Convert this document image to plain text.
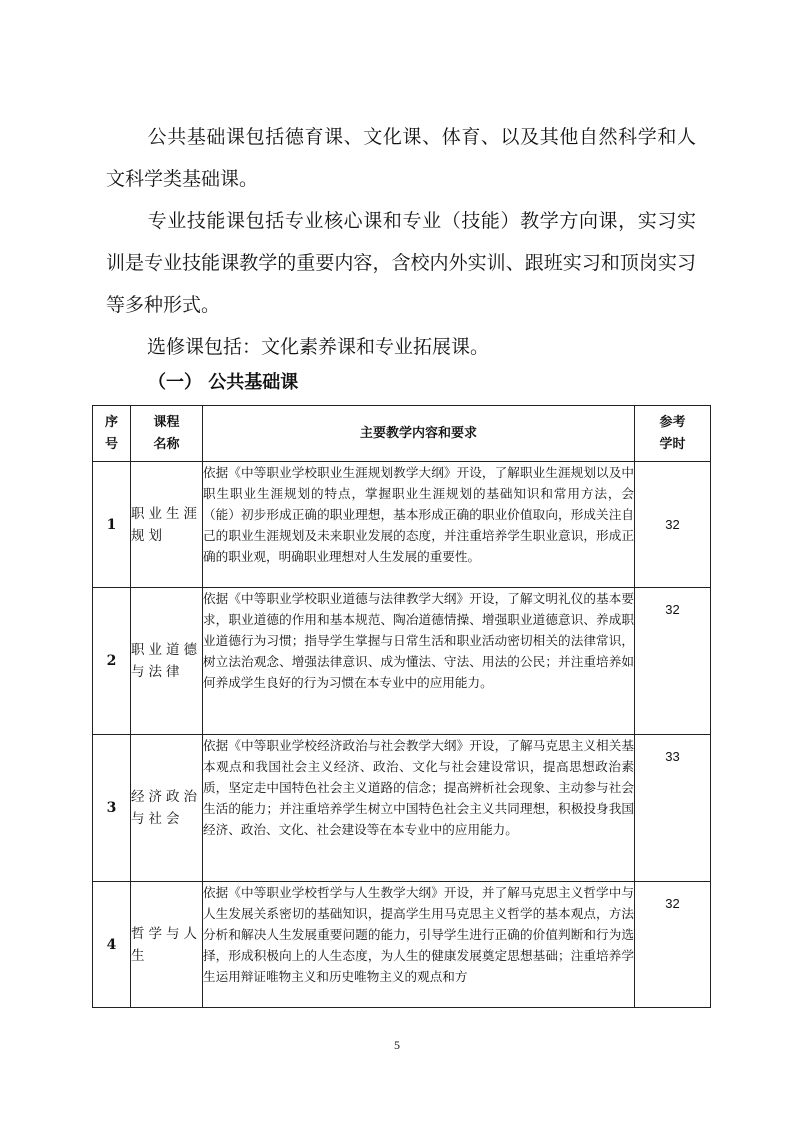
公共基础课包括德育课、文化课、体育、以及其他自然科学和人文科学类基础课。

专业技能课包括专业核心课和专业（技能）教学方向课，实习实训是专业技能课教学的重要内容，含校内外实训、跟班实习和顶岗实习等多种形式。

选修课包括：文化素养课和专业拓展课。

（一） 公共基础课
序号	课程名称	主要教学内容和要求	参考学时

1	职业生涯规划	依据《中等职业学校职业生涯规划教学大纲》开设，了解职业生涯规划以及中职生职业生涯规划的特点，掌握职业生涯规划的基础知识和常用方法，会（能）初步形成正确的职业理想，基本形成正确的职业价值取向，形成关注自己的职业生涯规划及未来职业发展的态度，并注重培养学生职业意识，形成正确的职业观，明确职业理想对人生发展的重要性。	32

2	职业道德与法律	依据《中等职业学校职业道德与法律教学大纲》开设，了解文明礼仪的基本要求，职业道德的作用和基本规范、陶冶道德情操、增强职业道德意识、养成职业道德行为习惯；指导学生掌握与日常生活和职业活动密切相关的法律常识，树立法治观念、增强法律意识、成为懂法、守法、用法的公民；并注重培养如何养成学生良好的行为习惯在本专业中的应用能力。	32

3	经济政治与社会	依据《中等职业学校经济政治与社会教学大纲》开设，了解马克思主义相关基本观点和我国社会主义经济、政治、文化与社会建设常识，提高思想政治素质，坚定走中国特色社会主义道路的信念；提高辨析社会现象、主动参与社会生活的能力；并注重培养学生树立中国特色社会主义共同理想，积极投身我国经济、政治、文化、社会建设等在本专业中的应用能力。	33

4	哲学与人生	依据《中等职业学校哲学与人生教学大纲》开设，并了解马克思主义哲学中与人生发展关系密切的基础知识，提高学生用马克思主义哲学的基本观点，方法分析和解决人生发展重要问题的能力，引导学生进行正确的价值判断和行为选择，形成积极向上的人生态度，为人生的健康发展奠定思想基础；注重培养学生运用辩证唯物主义和历史唯物主义的观点和方	32
5
